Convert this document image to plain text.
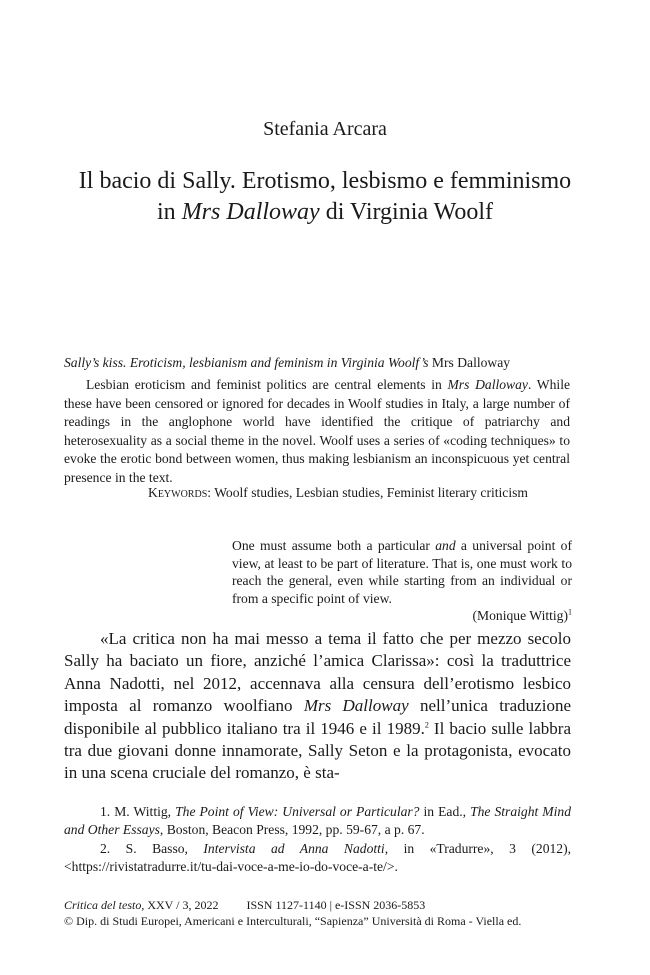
Stefania Arcara
Il bacio di Sally. Erotismo, lesbismo e femminismo
in Mrs Dalloway di Virginia Woolf
Sally’s kiss. Eroticism, lesbianism and feminism in Virginia Woolf’s Mrs Dalloway

Lesbian eroticism and feminist politics are central elements in Mrs Dalloway. While these have been censored or ignored for decades in Woolf studies in Italy, a large number of readings in the anglophone world have identified the critique of patriarchy and heterosexuality as a social theme in the novel. Woolf uses a series of «coding techniques» to evoke the erotic bond between women, thus making lesbianism an inconspicuous yet central presence in the text.

Keywords: Woolf studies, Lesbian studies, Feminist literary criticism
One must assume both a particular and a universal point of view, at least to be part of literature. That is, one must work to reach the general, even while starting from an individual or from a specific point of view.
(Monique Wittig)$^1$

«La critica non ha mai messo a tema il fatto che per mezzo secolo Sally ha baciato un fiore, anziché l’amica Clarissa»: così la traduttrice Anna Nadotti, nel 2012, accennava alla censura dell’erotismo lesbico imposta al romanzo woolfiano Mrs Dalloway nell’unica traduzione disponibile al pubblico italiano tra il 1946 e il 1989.$^2$ Il bacio sulle labbra tra due giovani donne innamorate, Sally Seton e la protagonista, evocato in una scena cruciale del romanzo, è sta-

1. M. Wittig, The Point of View: Universal or Particular? in Ead., The Straight Mind and Other Essays, Boston, Beacon Press, 1992, pp. 59-67, a p. 67.

2. S. Basso, Intervista ad Anna Nadotti, in «Tradurre», 3 (2012), <https://rivistatradurre.it/tu-dai-voce-a-me-io-do-voce-a-te/>.

Critica del testo, XXV / 3, 2022 ISSN 1127-1140 | e-ISSN 2036-5853
© Dip. di Studi Europei, Americani e Interculturali, “Sapienza” Università di Roma - Viella ed.
